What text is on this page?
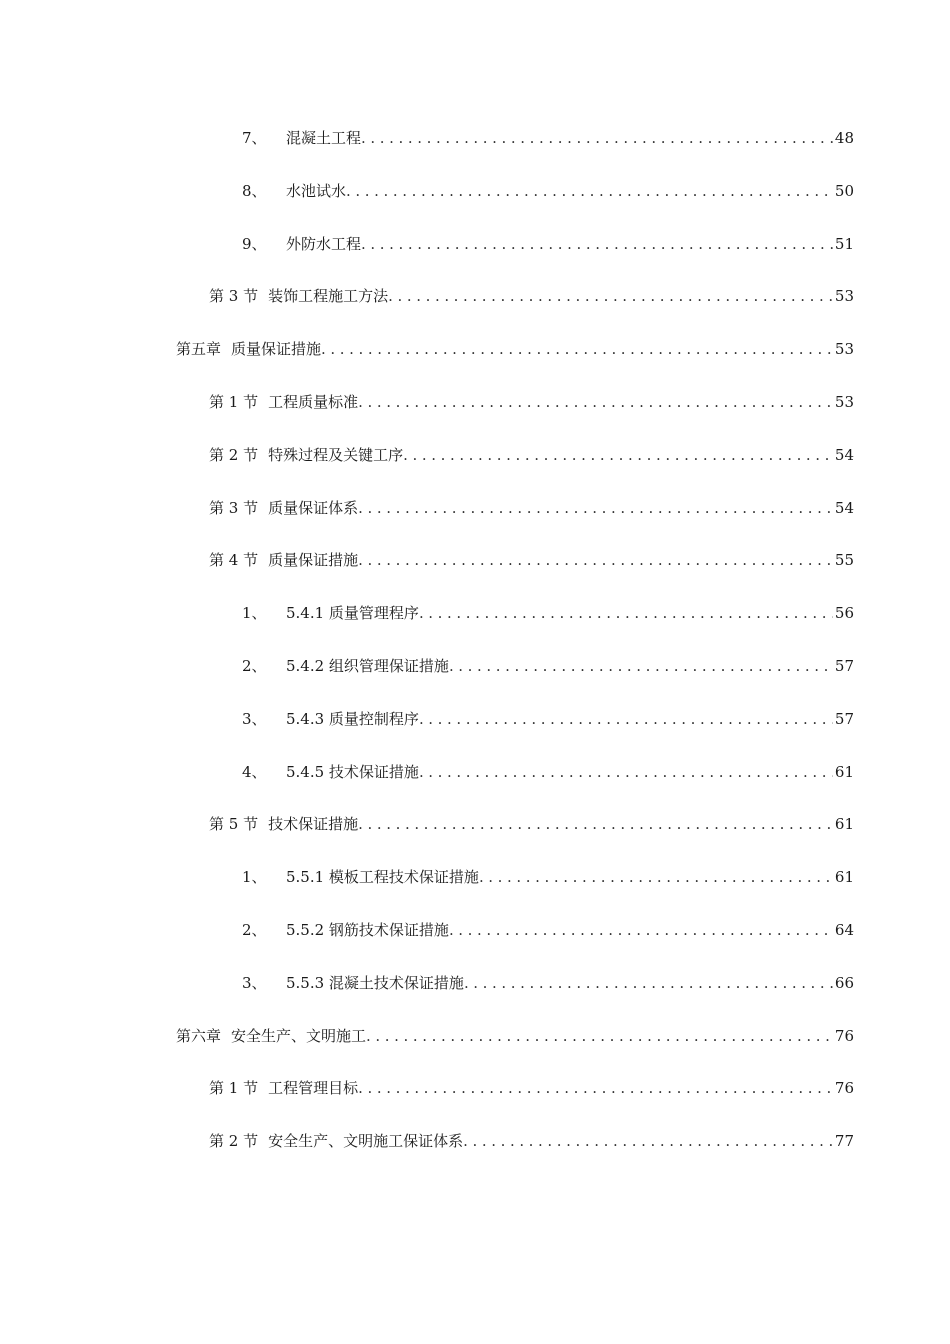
7、	混凝土工程 .....	48
8、	水池试水 .....	50
9、	外防水工程 .....	51
第 3 节 装饰工程施工方法 .....	53
第五章 质量保证措施 .....	53
第 1 节 工程质量标准 .....	53
第 2 节 特殊过程及关键工序 .....	54
第 3 节 质量保证体系 .....	54
第 4 节 质量保证措施 .....	55
1、	5.4.1 质量管理程序 .....	56
2、	5.4.2 组织管理保证措施 .....	57
3、	5.4.3 质量控制程序 .....	57
4、	5.4.5 技术保证措施 .....	61
第 5 节 技术保证措施 .....	61
1、	5.5.1 模板工程技术保证措施 .....	61
2、	5.5.2 钢筋技术保证措施 .....	64
3、	5.5.3 混凝土技术保证措施 .....	66
第六章 安全生产、文明施工 .....	76
第 1 节 工程管理目标 .....	76
第 2 节 安全生产、文明施工保证体系 .....	77
